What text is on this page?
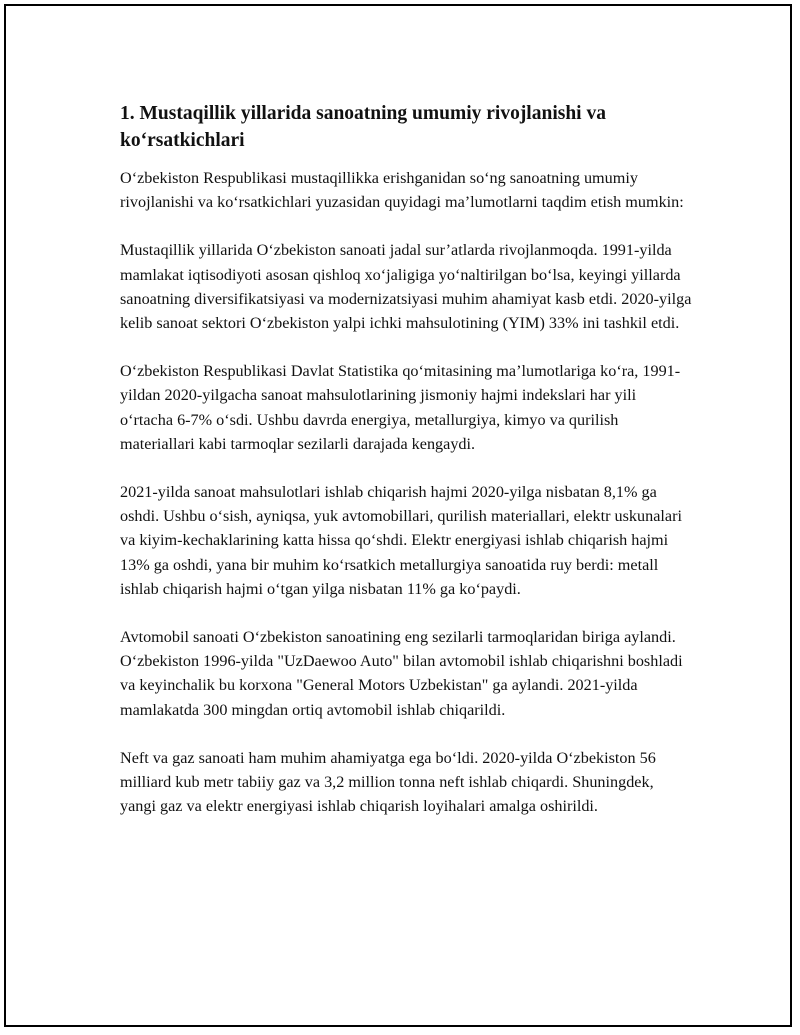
1. Mustaqillik yillarida sanoatning umumiy rivojlanishi va ko‘rsatkichlari

O‘zbekiston Respublikasi mustaqillikka erishganidan so‘ng sanoatning umumiy rivojlanishi va ko‘rsatkichlari yuzasidan quyidagi ma’lumotlarni taqdim etish mumkin:

Mustaqillik yillarida O‘zbekiston sanoati jadal sur’atlarda rivojlanmoqda. 1991-yilda mamlakat iqtisodiyoti asosan qishloq xo‘jaligiga yo‘naltirilgan bo‘lsa, keyingi yillarda sanoatning diversifikatsiyasi va modernizatsiyasi muhim ahamiyat kasb etdi. 2020-yilga kelib sanoat sektori O‘zbekiston yalpi ichki mahsulotining (YIM) 33% ini tashkil etdi.

O‘zbekiston Respublikasi Davlat Statistika qo‘mitasining ma’lumotlariga ko‘ra, 1991-yildan 2020-yilgacha sanoat mahsulotlarining jismoniy hajmi indekslari har yili o‘rtacha 6-7% o‘sdi. Ushbu davrda energiya, metallurgiya, kimyo va qurilish materiallari kabi tarmoqlar sezilarli darajada kengaydi.

2021-yilda sanoat mahsulotlari ishlab chiqarish hajmi 2020-yilga nisbatan 8,1% ga oshdi. Ushbu o‘sish, ayniqsa, yuk avtomobillari, qurilish materiallari, elektr uskunalari va kiyim-kechaklarining katta hissa qo‘shdi. Elektr energiyasi ishlab chiqarish hajmi 13% ga oshdi, yana bir muhim ko‘rsatkich metallurgiya sanoatida ruy berdi: metall ishlab chiqarish hajmi o‘tgan yilga nisbatan 11% ga ko‘paydi.

Avtomobil sanoati O‘zbekiston sanoatining eng sezilarli tarmoqlaridan biriga aylandi. O‘zbekiston 1996-yilda "UzDaewoo Auto" bilan avtomobil ishlab chiqarishni boshladi va keyinchalik bu korxona "General Motors Uzbekistan" ga aylandi. 2021-yilda mamlakatda 300 mingdan ortiq avtomobil ishlab chiqarildi.

Neft va gaz sanoati ham muhim ahamiyatga ega bo‘ldi. 2020-yilda O‘zbekiston 56 milliard kub metr tabiiy gaz va 3,2 million tonna neft ishlab chiqardi. Shuningdek, yangi gaz va elektr energiyasi ishlab chiqarish loyihalari amalga oshirildi.
